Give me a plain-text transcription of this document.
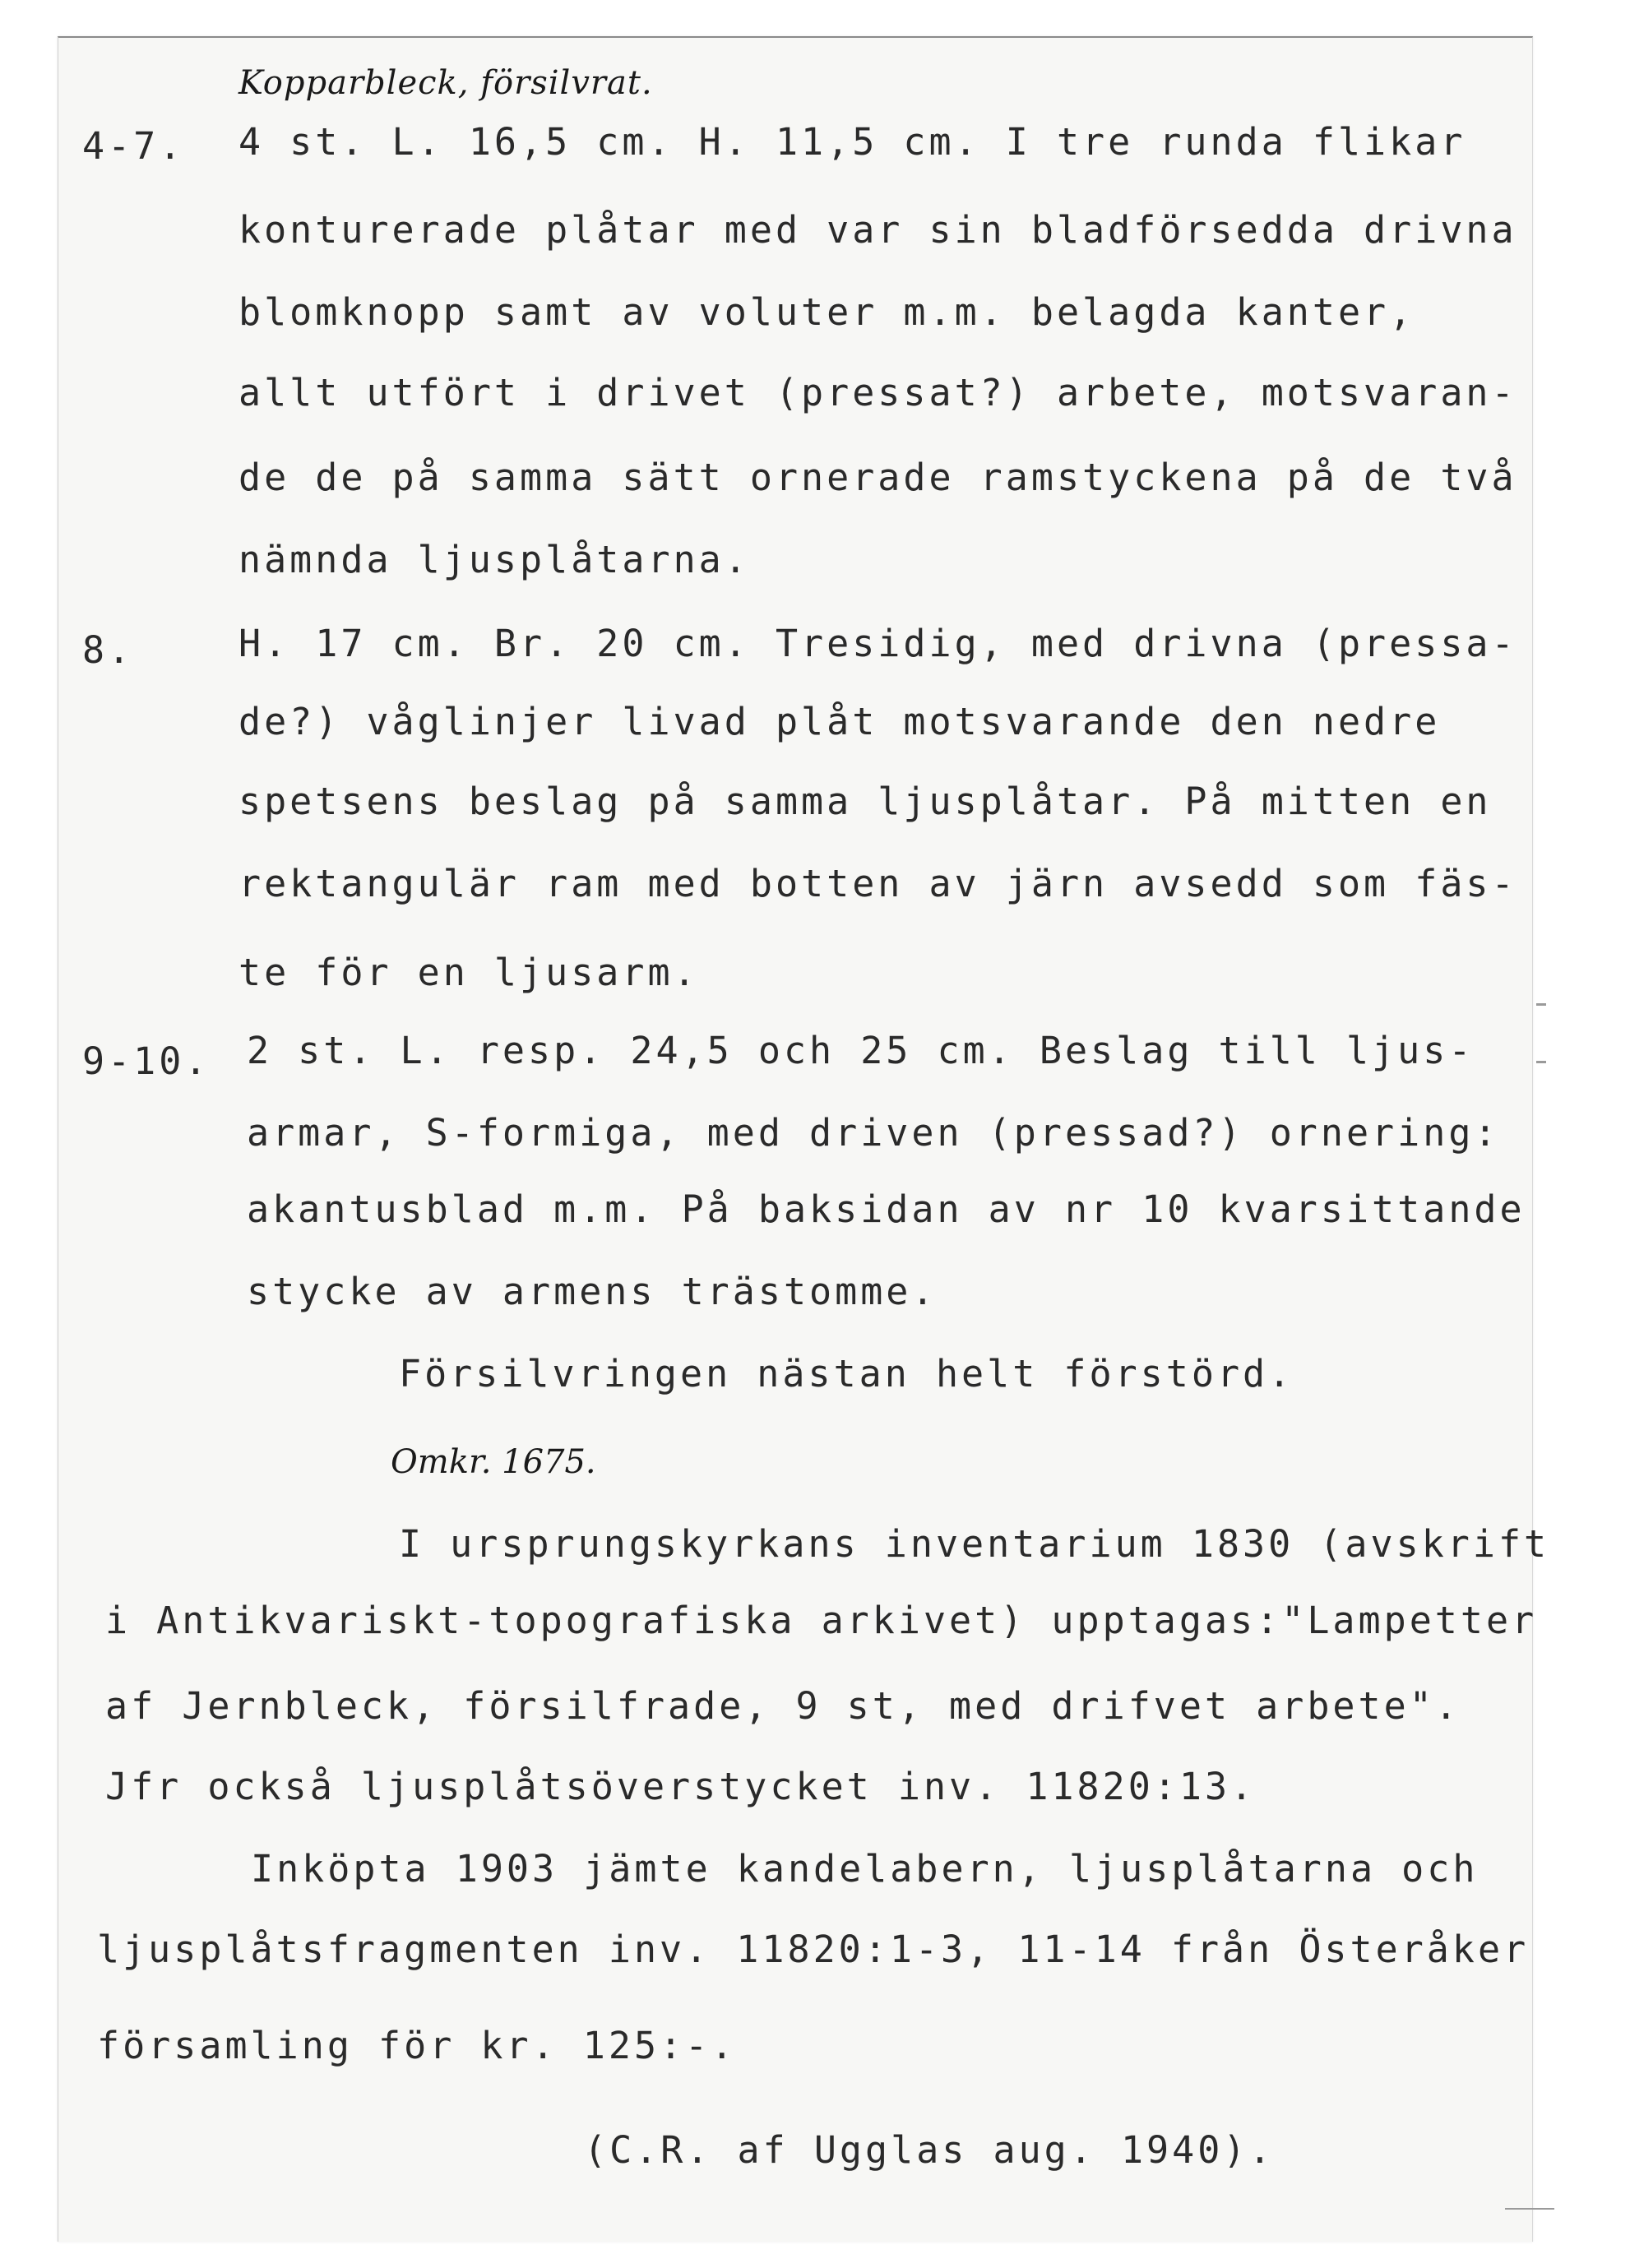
Kopparbleck, försilvrat.
4-7. 4 st. L. 16,5 cm. H. 11,5 cm. I tre runda flikar
konturerade plåtar med var sin bladförsedda drivna
blomknopp samt av voluter m.m. belagda kanter,
allt utfört i drivet (pressat?) arbete, motsvaran-
de de på samma sätt ornerade ramstyckena på de två
nämnda ljusplåtarna.
8.	H. 17 cm. Br. 20 cm. Tresidig, med drivna (pressa-
de?) våglinjer livad plåt motsvarande den nedre
spetsens beslag på samma ljusplåtar. På mitten en
rektangulär ram med botten av järn avsedd som fäs-
te för en ljusarm.
9-10. 2 st. L. resp. 24,5 och 25 cm. Beslag till ljus-
armar, S-formiga, med driven (pressad?) ornering:
akantusblad m.m. På baksidan av nr 10 kvarsittande
stycke av armens trästomme.
Försilvringen nästan helt förstörd.
Omkr. 1675.
I ursprungskyrkans inventarium 1830 (avskrift
i Antikvariskt-topografiska arkivet) upptagas:"Lampetter
af Jernbleck, försilfrade, 9 st, med drifvet arbete".
Jfr också ljusplåtsöverstycket inv. 11820:13.
Inköpta 1903 jämte kandelabern, ljusplåtarna och
ljusplåtsfragmenten inv. 11820:1-3, 11-14 från Österåker
församling för kr. 125:-.
(C.R. af Ugglas aug. 1940).
